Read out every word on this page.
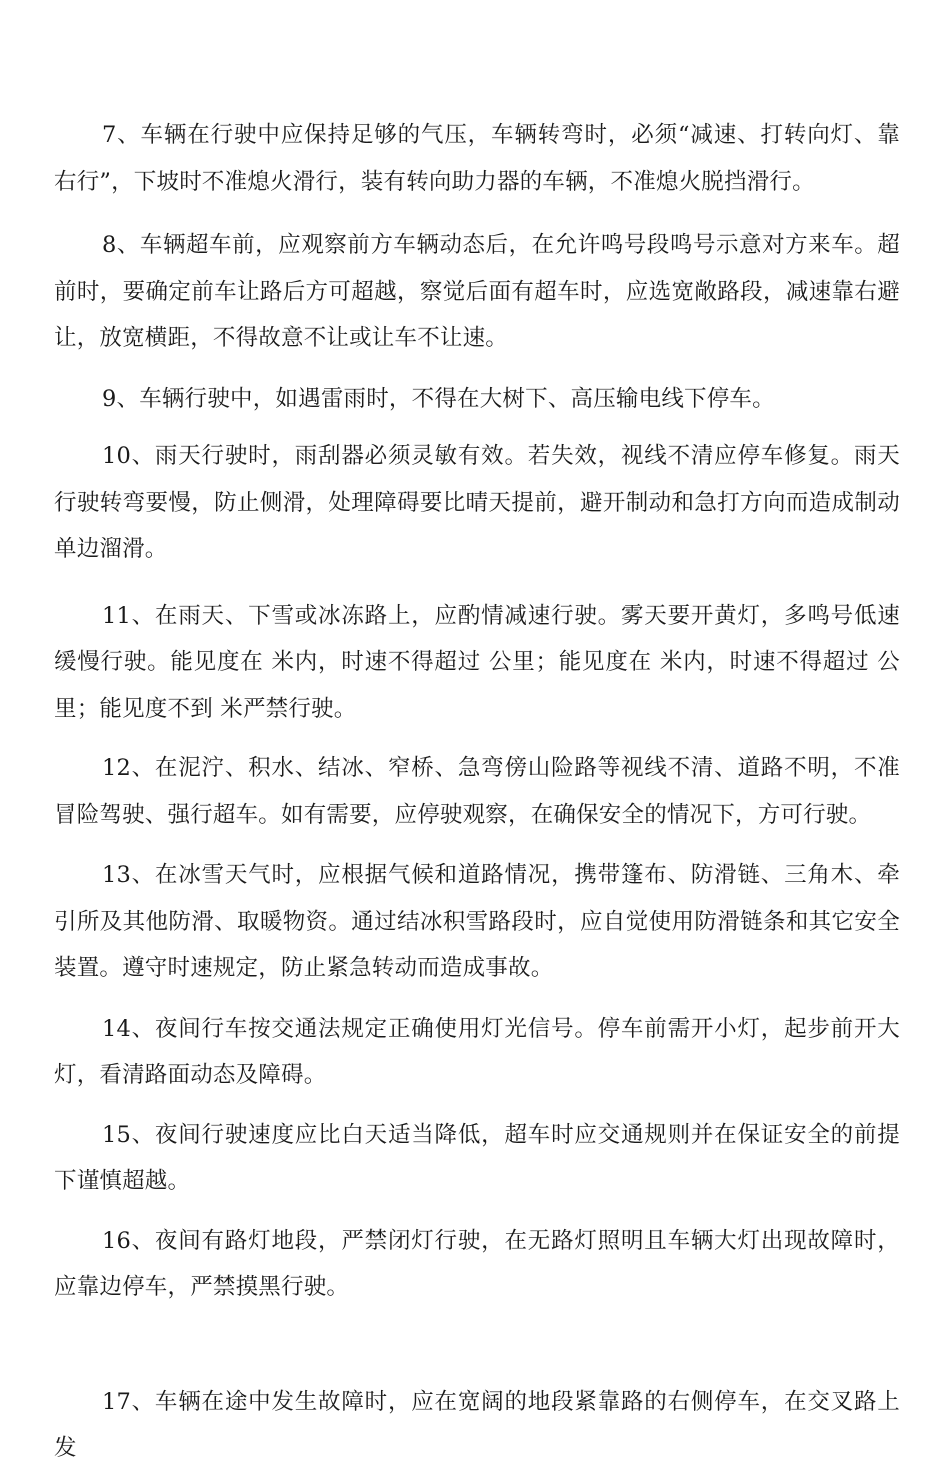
7、车辆在行驶中应保持足够的气压，车辆转弯时，必须“减速、打转向灯、靠右行”，下坡时不准熄火滑行，装有转向助力器的车辆，不准熄火脱挡滑行。

8、车辆超车前，应观察前方车辆动态后，在允许鸣号段鸣号示意对方来车。超前时，要确定前车让路后方可超越，察觉后面有超车时，应选宽敞路段，减速靠右避让，放宽横距，不得故意不让或让车不让速。

9、车辆行驶中，如遇雷雨时，不得在大树下、高压输电线下停车。

10、雨天行驶时，雨刮器必须灵敏有效。若失效，视线不清应停车修复。雨天行驶转弯要慢，防止侧滑，处理障碍要比晴天提前，避开制动和急打方向而造成制动单边溜滑。

11、在雨天、下雪或冰冻路上，应酌情减速行驶。雾天要开黄灯，多鸣号低速缓慢行驶。能见度在 米内，时速不得超过 公里；能见度在 米内，时速不得超过 公里；能见度不到 米严禁行驶。

12、在泥泞、积水、结冰、窄桥、急弯傍山险路等视线不清、道路不明，不准冒险驾驶、强行超车。如有需要，应停驶观察，在确保安全的情况下，方可行驶。

13、在冰雪天气时，应根据气候和道路情况，携带篷布、防滑链、三角木、牵引所及其他防滑、取暖物资。通过结冰积雪路段时，应自觉使用防滑链条和其它安全装置。遵守时速规定，防止紧急转动而造成事故。

14、夜间行车按交通法规定正确使用灯光信号。停车前需开小灯，起步前开大灯，看清路面动态及障碍。

15、夜间行驶速度应比白天适当降低，超车时应交通规则并在保证安全的前提下谨慎超越。

16、夜间有路灯地段，严禁闭灯行驶，在无路灯照明且车辆大灯出现故障时，应靠边停车，严禁摸黑行驶。

17、车辆在途中发生故障时，应在宽阔的地段紧靠路的右侧停车，在交叉路上发
